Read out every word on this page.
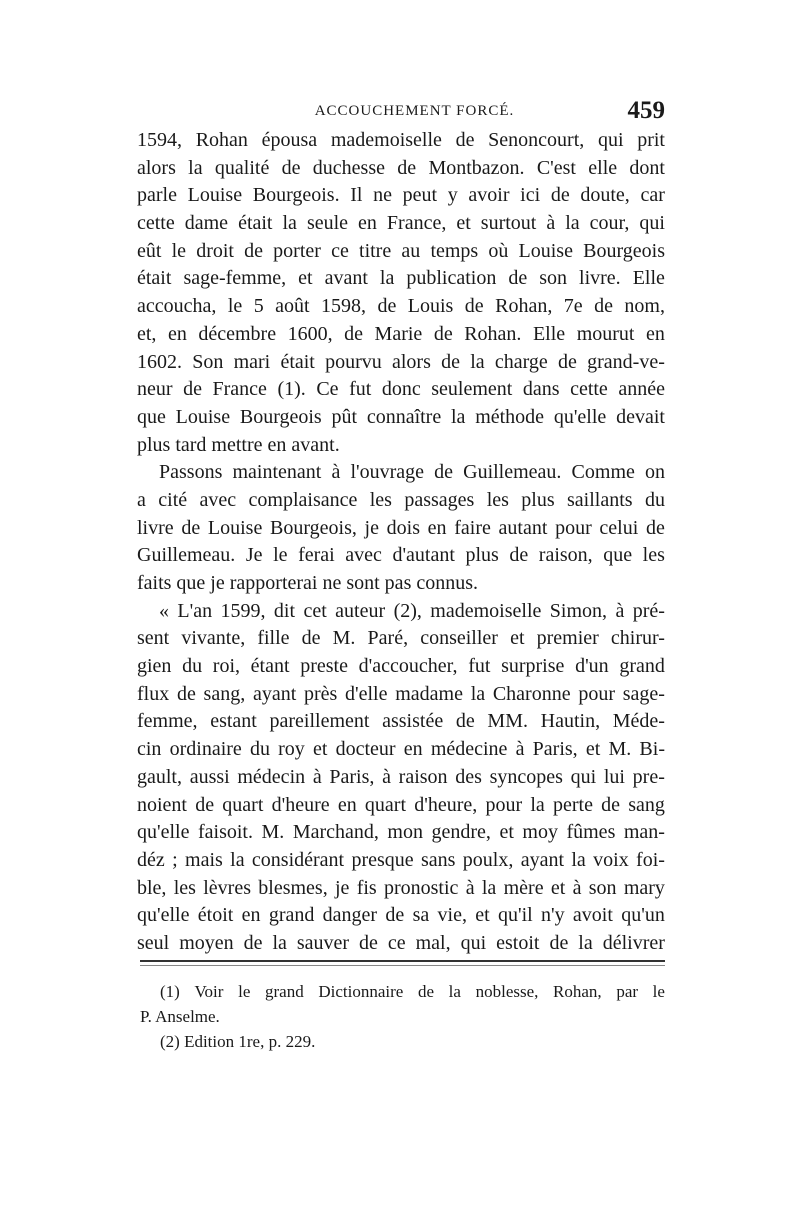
ACCOUCHEMENT FORCÉ.	459
1594, Rohan épousa mademoiselle de Senoncourt, qui prit
alors la qualité de duchesse de Montbazon. C'est elle dont
parle Louise Bourgeois. Il ne peut y avoir ici de doute, car
cette dame était la seule en France, et surtout à la cour, qui
eût le droit de porter ce titre au temps où Louise Bourgeois
était sage-femme, et avant la publication de son livre. Elle
accoucha, le 5 août 1598, de Louis de Rohan, 7e de nom,
et, en décembre 1600, de Marie de Rohan. Elle mourut en
1602. Son mari était pourvu alors de la charge de grand-ve-
neur de France (1). Ce fut donc seulement dans cette année
que Louise Bourgeois pût connaître la méthode qu'elle devait
plus tard mettre en avant.
Passons maintenant à l'ouvrage de Guillemeau. Comme on
a cité avec complaisance les passages les plus saillants du
livre de Louise Bourgeois, je dois en faire autant pour celui de
Guillemeau. Je le ferai avec d'autant plus de raison, que les
faits que je rapporterai ne sont pas connus.
« L'an 1599, dit cet auteur (2), mademoiselle Simon, à pré-
sent vivante, fille de M. Paré, conseiller et premier chirur-
gien du roi, étant preste d'accoucher, fut surprise d'un grand
flux de sang, ayant près d'elle madame la Charonne pour sage-
femme, estant pareillement assistée de MM. Hautin, Méde-
cin ordinaire du roy et docteur en médecine à Paris, et M. Bi-
gault, aussi médecin à Paris, à raison des syncopes qui lui pre-
noient de quart d'heure en quart d'heure, pour la perte de sang
qu'elle faisoit. M. Marchand, mon gendre, et moy fûmes man-
déz ; mais la considérant presque sans poulx, ayant la voix foi-
ble, les lèvres blesmes, je fis pronostic à la mère et à son mary
qu'elle étoit en grand danger de sa vie, et qu'il n'y avoit qu'un
seul moyen de la sauver de ce mal, qui estoit de la délivrer
(1) Voir le grand Dictionnaire de la noblesse, Rohan, par le
P. Anselme.
(2) Edition 1re, p. 229.
